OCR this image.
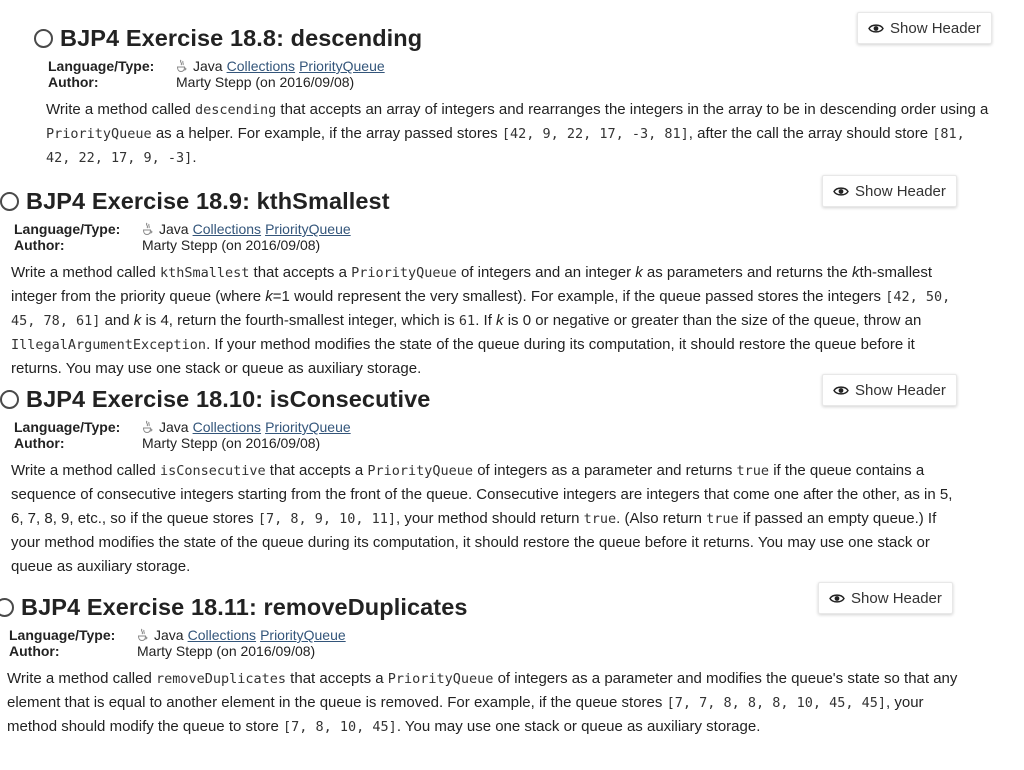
BJP4 Exercise 18.8: descending
Language/Type:	Java Collections PriorityQueue
Author:	Marty Stepp (on 2016/09/08)
Write a method called descending that accepts an array of integers and rearranges the integers in the array to be in descending order using a PriorityQueue as a helper. For example, if the array passed stores [42, 9, 22, 17, -3, 81], after the call the array should store [81, 42, 22, 17, 9, -3].
Show Header
BJP4 Exercise 18.9: kthSmallest
Language/Type:	Java Collections PriorityQueue
Author:	Marty Stepp (on 2016/09/08)
Write a method called kthSmallest that accepts a PriorityQueue of integers and an integer k as parameters and returns the kth-smallest integer from the priority queue (where k=1 would represent the very smallest). For example, if the queue passed stores the integers [42, 50, 45, 78, 61] and k is 4, return the fourth-smallest integer, which is 61. If k is 0 or negative or greater than the size of the queue, throw an IllegalArgumentException. If your method modifies the state of the queue during its computation, it should restore the queue before it returns. You may use one stack or queue as auxiliary storage.
Show Header
BJP4 Exercise 18.10: isConsecutive
Language/Type:	Java Collections PriorityQueue
Author:	Marty Stepp (on 2016/09/08)
Write a method called isConsecutive that accepts a PriorityQueue of integers as a parameter and returns true if the queue contains a sequence of consecutive integers starting from the front of the queue. Consecutive integers are integers that come one after the other, as in 5, 6, 7, 8, 9, etc., so if the queue stores [7, 8, 9, 10, 11], your method should return true. (Also return true if passed an empty queue.) If your method modifies the state of the queue during its computation, it should restore the queue before it returns. You may use one stack or queue as auxiliary storage.
Show Header
BJP4 Exercise 18.11: removeDuplicates
Language/Type:	Java Collections PriorityQueue
Author:	Marty Stepp (on 2016/09/08)
Write a method called removeDuplicates that accepts a PriorityQueue of integers as a parameter and modifies the queue's state so that any element that is equal to another element in the queue is removed. For example, if the queue stores [7, 7, 8, 8, 8, 10, 45, 45], your method should modify the queue to store [7, 8, 10, 45]. You may use one stack or queue as auxiliary storage.
Show Header
